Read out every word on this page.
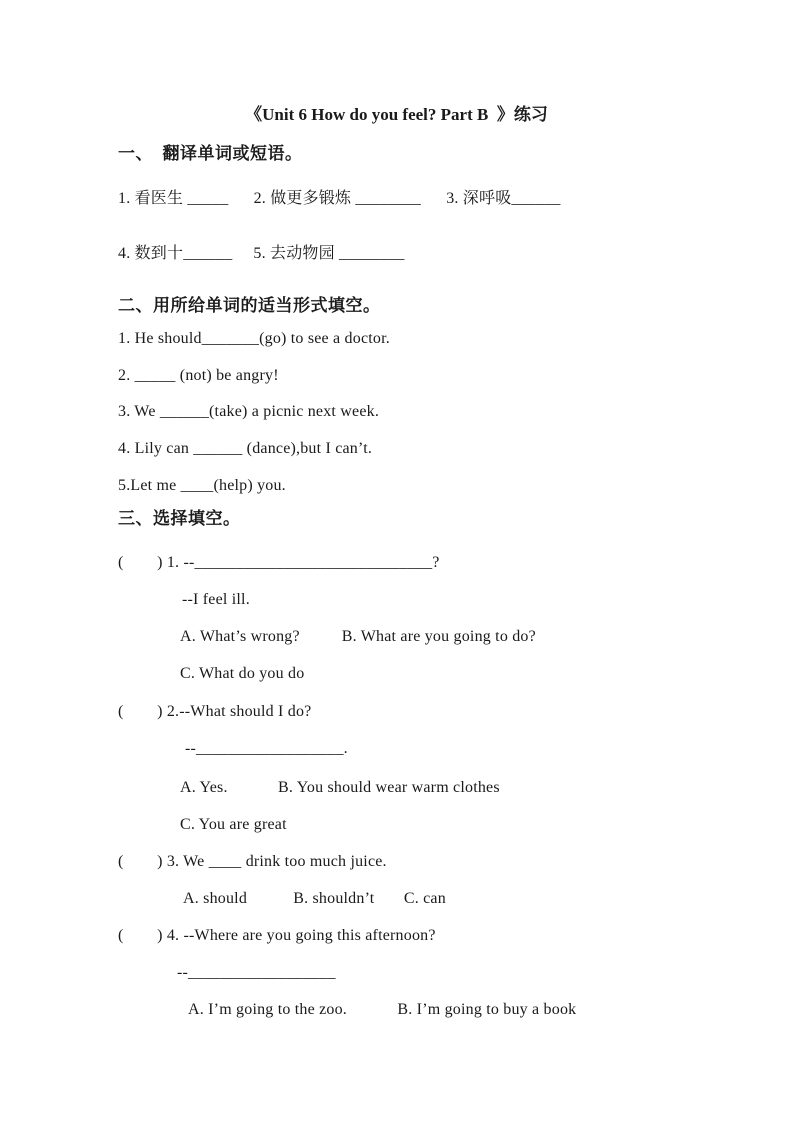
《Unit 6 How do you feel? Part B  》练习
一、  翻译单词或短语。
1. 看医生 _____      2. 做更多锻炼 ________      3. 深呼吸______
4. 数到十______     5. 去动物园 ________
二、用所给单词的适当形式填空。
1. He should_______(go) to see a doctor.
2. _____ (not) be angry!
3. We ______(take) a picnic next week.
4. Lily can ______ (dance),but I can’t.
5.Let me ____(help) you.
三、选择填空。
(        ) 1. --_____________________________?
--I feel ill.
A. What’s wrong?          B. What are you going to do?
C. What do you do
(        ) 2.--What should I do?
--__________________.
A. Yes.            B. You should wear warm clothes
C. You are great
(        ) 3. We ____ drink too much juice.
A. should           B. shouldn’t       C. can
(        ) 4. --Where are you going this afternoon?
--__________________
A. I’m going to the zoo.            B. I’m going to buy a book
